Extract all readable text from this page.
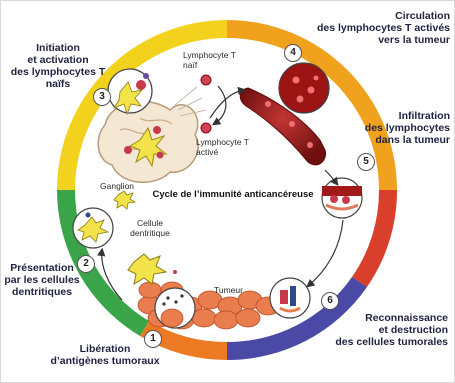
1
2
3
4
5
6
Libération
d’antigènes tumoraux
Présentation
par les cellules
dentritiques
Initiation
et activation
des lymphocytes T
naïfs
Circulation
des lymphocytes T activés
vers la tumeur
Infiltration
des lymphocytes
dans la tumeur
Reconnaissance
et destruction
des cellules tumorales
Lymphocyte T
naïf
Lymphocyte T
activé
Ganglion
Cellule
dentritique
Tumeur
Cycle de l’immunité anticancéreuse
